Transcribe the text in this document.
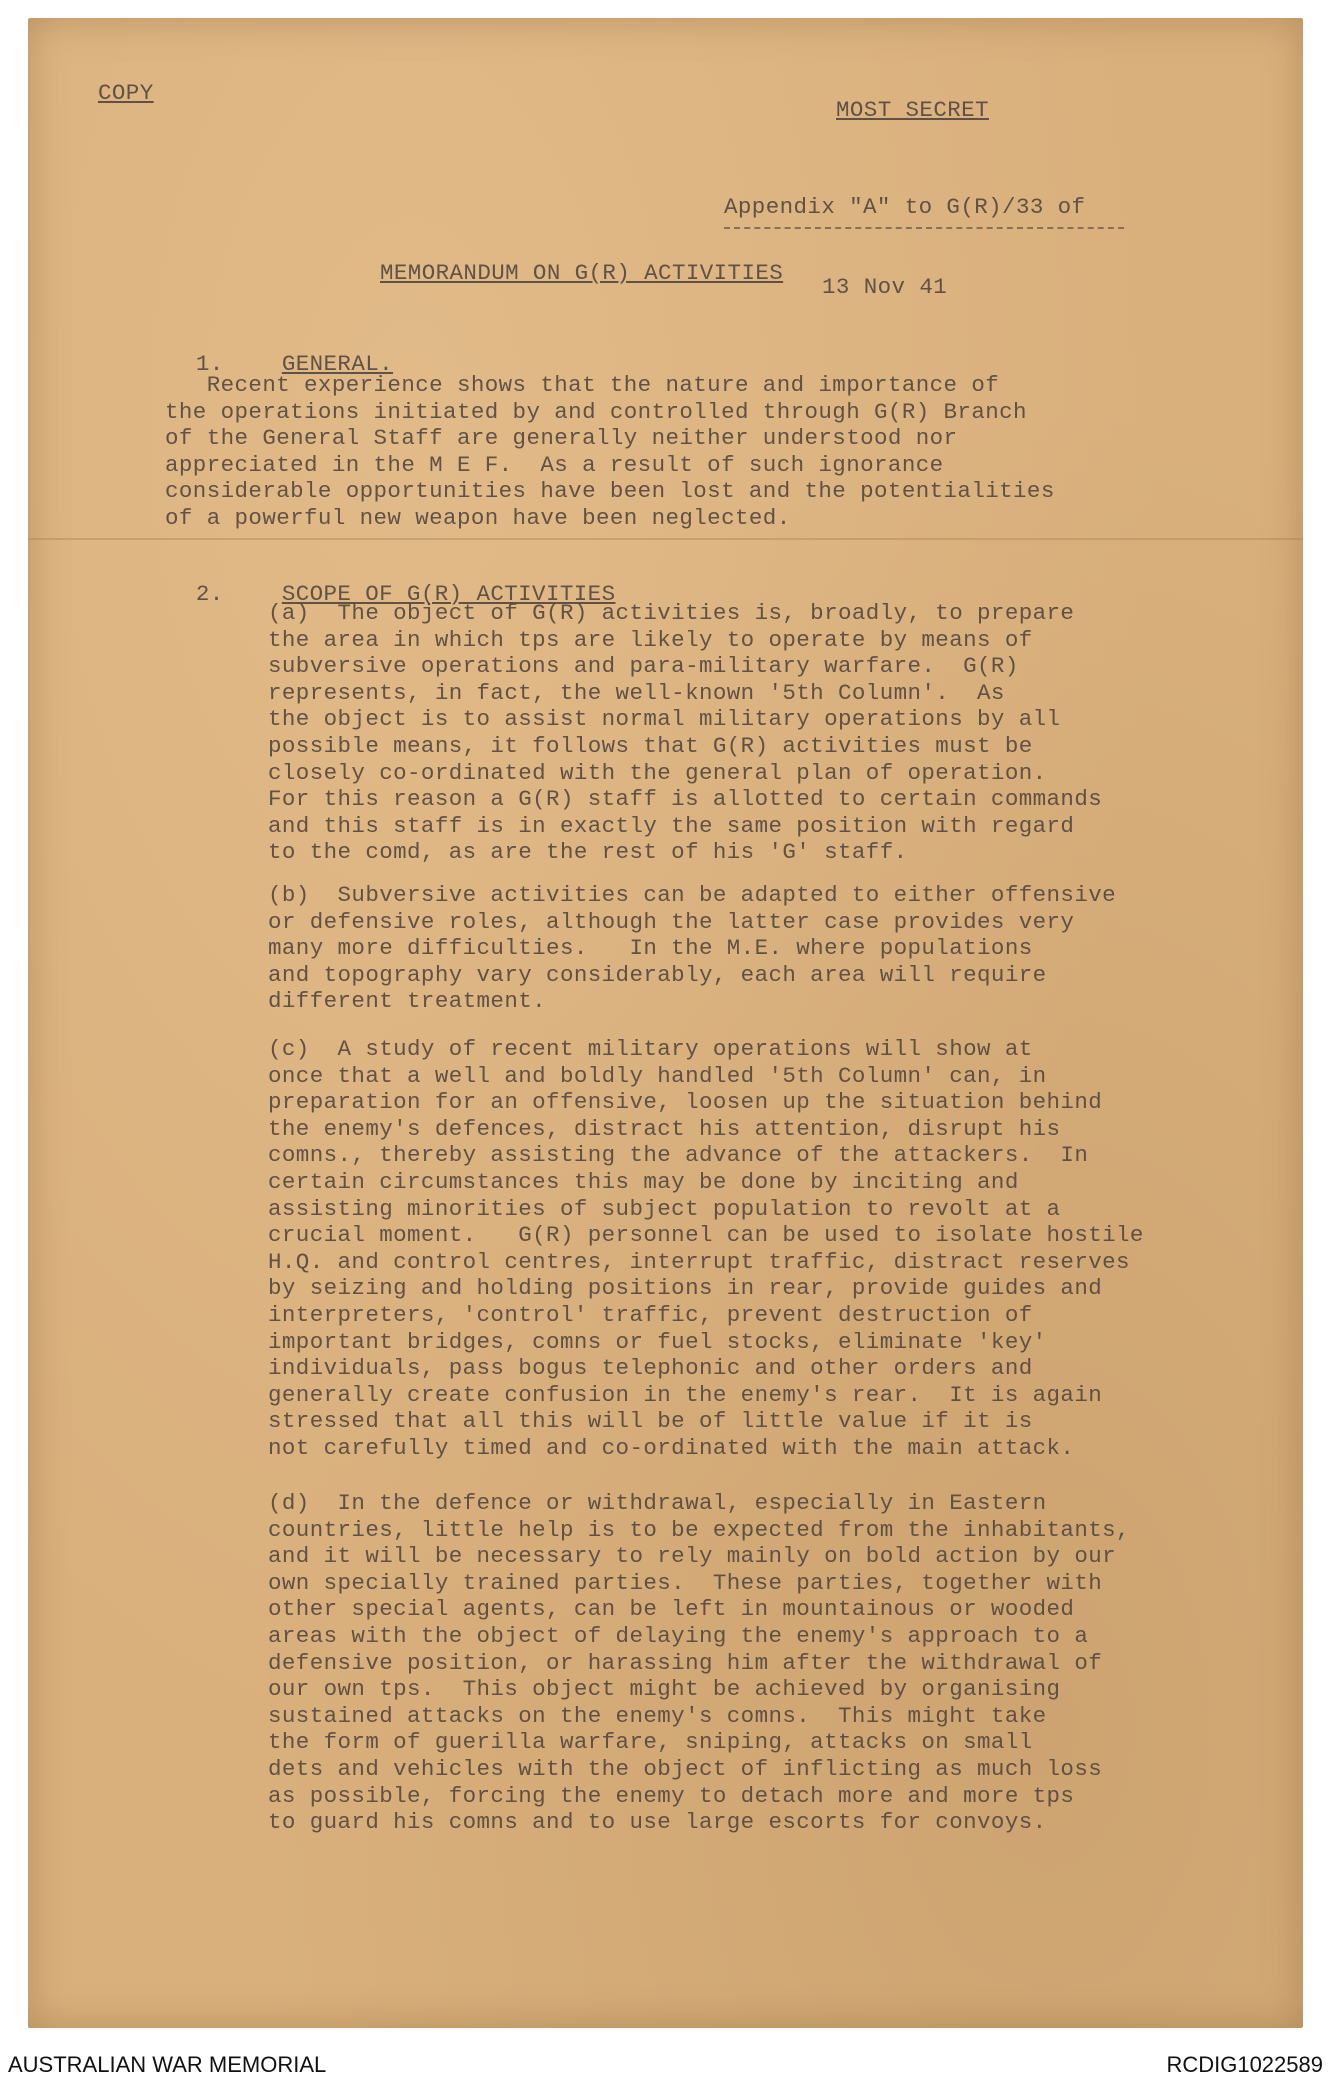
COPY
MOST SECRET

Appendix "A" to G(R)/33 of

13 Nov 41

MEMORANDUM ON G(R) ACTIVITIES

1.	GENERAL.

Recent experience shows that the nature and importance of
the operations initiated by and controlled through G(R) Branch
of the General Staff are generally neither understood nor
appreciated in the M E F.  As a result of such ignorance
considerable opportunities have been lost and the potentialities
of a powerful new weapon have been neglected.

2.	SCOPE OF G(R) ACTIVITIES

(a)  The object of G(R) activities is, broadly, to prepare
the area in which tps are likely to operate by means of
subversive operations and para-military warfare.  G(R)
represents, in fact, the well-known '5th Column'.  As
the object is to assist normal military operations by all
possible means, it follows that G(R) activities must be
closely co-ordinated with the general plan of operation.
For this reason a G(R) staff is allotted to certain commands
and this staff is in exactly the same position with regard
to the comd, as are the rest of his 'G' staff.
(b)  Subversive activities can be adapted to either offensive
or defensive roles, although the latter case provides very
many more difficulties.   In the M.E. where populations
and topography vary considerably, each area will require
different treatment.
(c)  A study of recent military operations will show at
once that a well and boldly handled '5th Column' can, in
preparation for an offensive, loosen up the situation behind
the enemy's defences, distract his attention, disrupt his
comns., thereby assisting the advance of the attackers.  In
certain circumstances this may be done by inciting and
assisting minorities of subject population to revolt at a
crucial moment.   G(R) personnel can be used to isolate hostile
H.Q. and control centres, interrupt traffic, distract reserves
by seizing and holding positions in rear, provide guides and
interpreters, 'control' traffic, prevent destruction of
important bridges, comns or fuel stocks, eliminate 'key'
individuals, pass bogus telephonic and other orders and
generally create confusion in the enemy's rear.  It is again
stressed that all this will be of little value if it is
not carefully timed and co-ordinated with the main attack.
(d)  In the defence or withdrawal, especially in Eastern
countries, little help is to be expected from the inhabitants,
and it will be necessary to rely mainly on bold action by our
own specially trained parties.  These parties, together with
other special agents, can be left in mountainous or wooded
areas with the object of delaying the enemy's approach to a
defensive position, or harassing him after the withdrawal of
our own tps.  This object might be achieved by organising
sustained attacks on the enemy's comns.  This might take
the form of guerilla warfare, sniping, attacks on small
dets and vehicles with the object of inflicting as much loss
as possible, forcing the enemy to detach more and more tps
to guard his comns and to use large escorts for convoys.
AUSTRALIAN WAR MEMORIAL	RCDIG1022589
